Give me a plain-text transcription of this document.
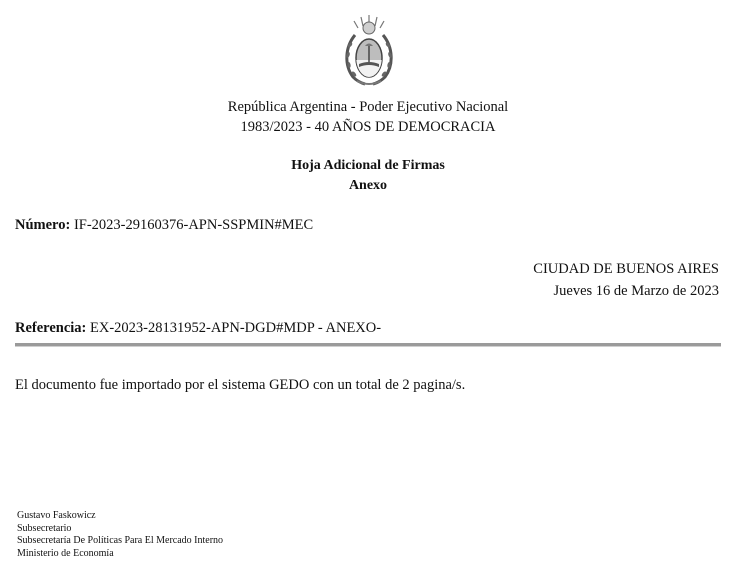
República Argentina - Poder Ejecutivo Nacional
1983/2023 - 40 AÑOS DE DEMOCRACIA
Hoja Adicional de Firmas
Anexo
Número: IF-2023-29160376-APN-SSPMIN#MEC
CIUDAD DE BUENOS AIRES
Jueves 16 de Marzo de 2023
Referencia: EX-2023-28131952-APN-DGD#MDP - ANEXO-
El documento fue importado por el sistema GEDO con un total de 2 pagina/s.
Gustavo Faskowicz
Subsecretario
Subsecretaría De Políticas Para El Mercado Interno
Ministerio de Economía
